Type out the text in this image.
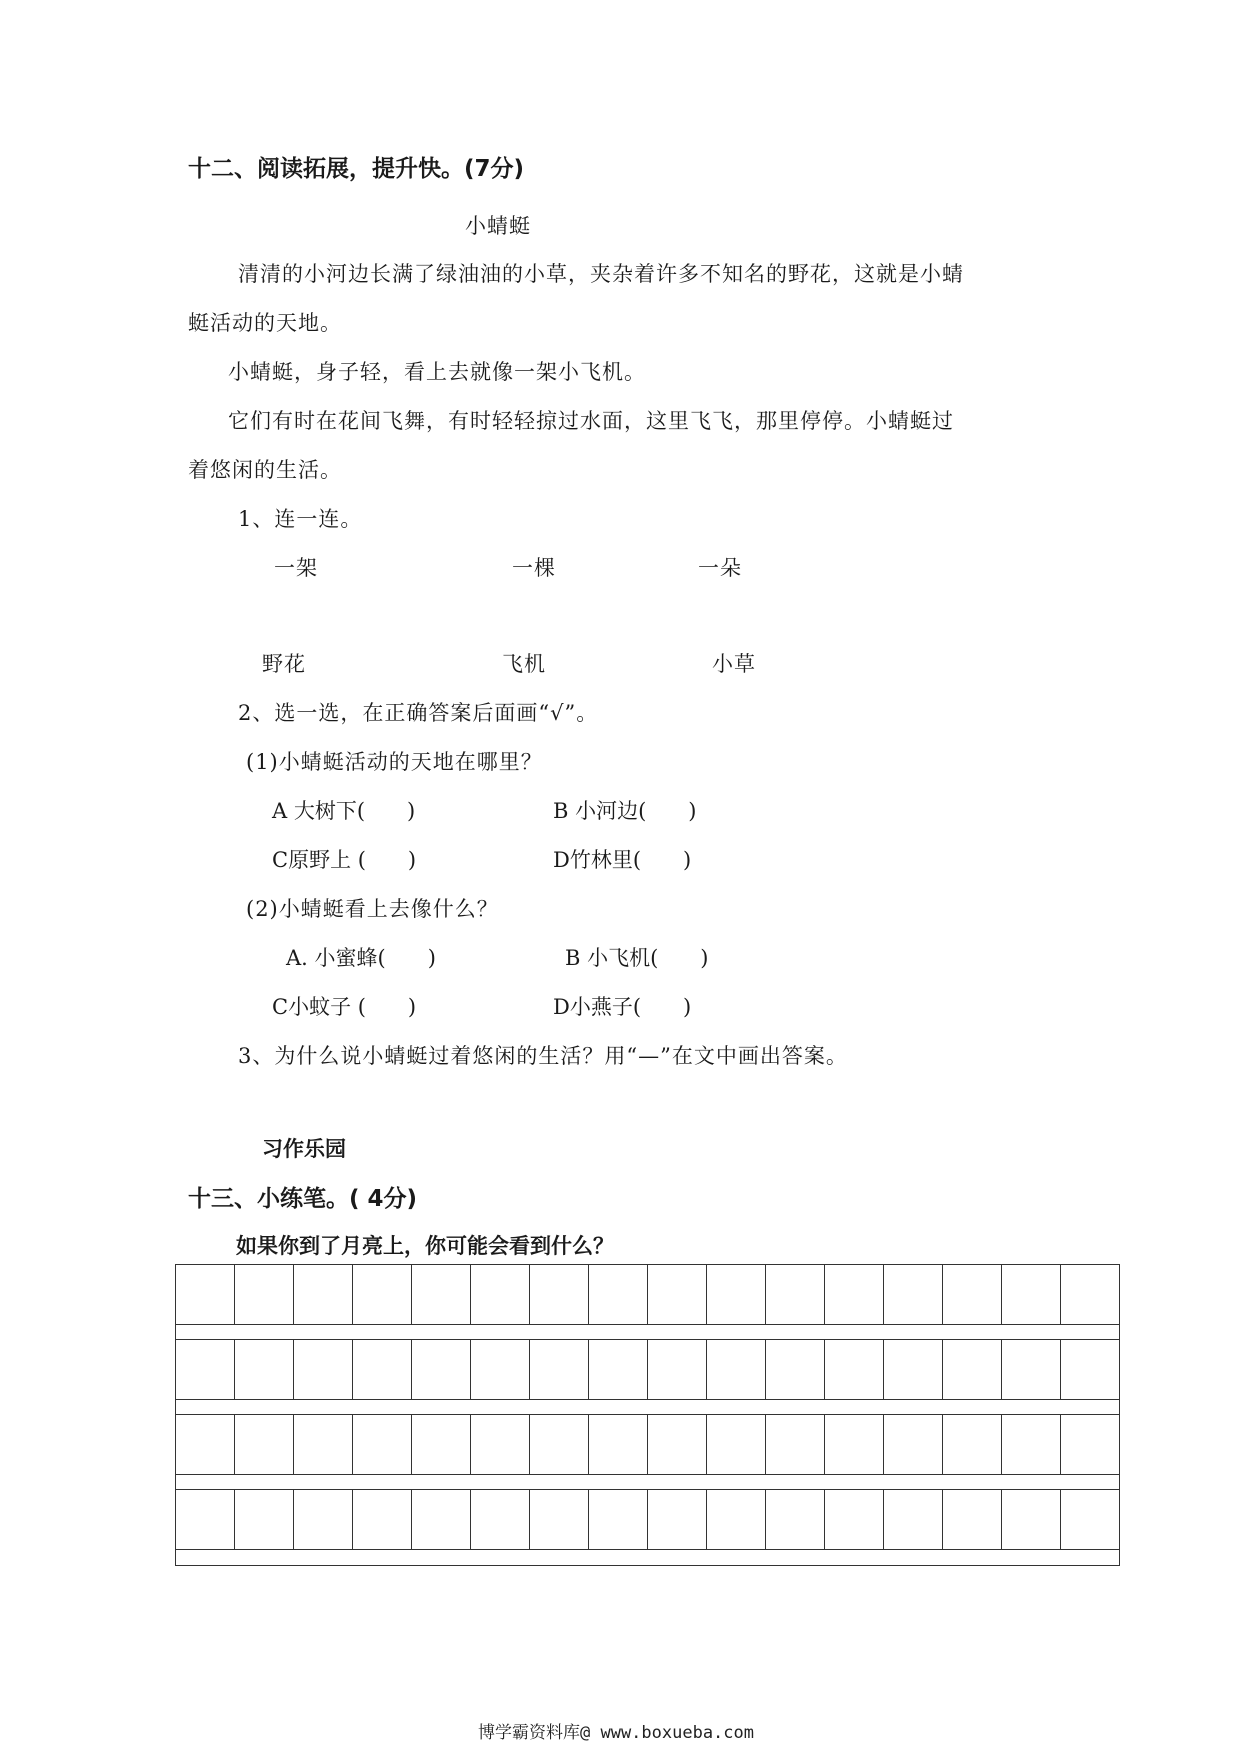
十二、阅读拓展，提升快。(7分)
小蜻蜓
清清的小河边长满了绿油油的小草，夹杂着许多不知名的野花，这就是小蜻
蜓活动的天地。
小蜻蜓，身子轻，看上去就像一架小飞机。
它们有时在花间飞舞，有时轻轻掠过水面，这里飞飞，那里停停。小蜻蜓过
着悠闲的生活。
1、连一连。
一架	一棵	一朵
野花	飞机	小草
2、选一选，在正确答案后面画“√”。
(1)小蜻蜓活动的天地在哪里？
A 大树下(　　)	B 小河边(　　)
C原野上 (　　)	D竹林里(　　)
(2)小蜻蜓看上去像什么？
A. 小蜜蜂(　　)	B 小飞机(　　)
C小蚊子 (　　)	D小燕子(　　)
3、为什么说小蜻蜓过着悠闲的生活？用“—”在文中画出答案。
习作乐园
十三、小练笔。( 4分)
如果你到了月亮上，你可能会看到什么？
博学霸资料库@ www.boxueba.com
